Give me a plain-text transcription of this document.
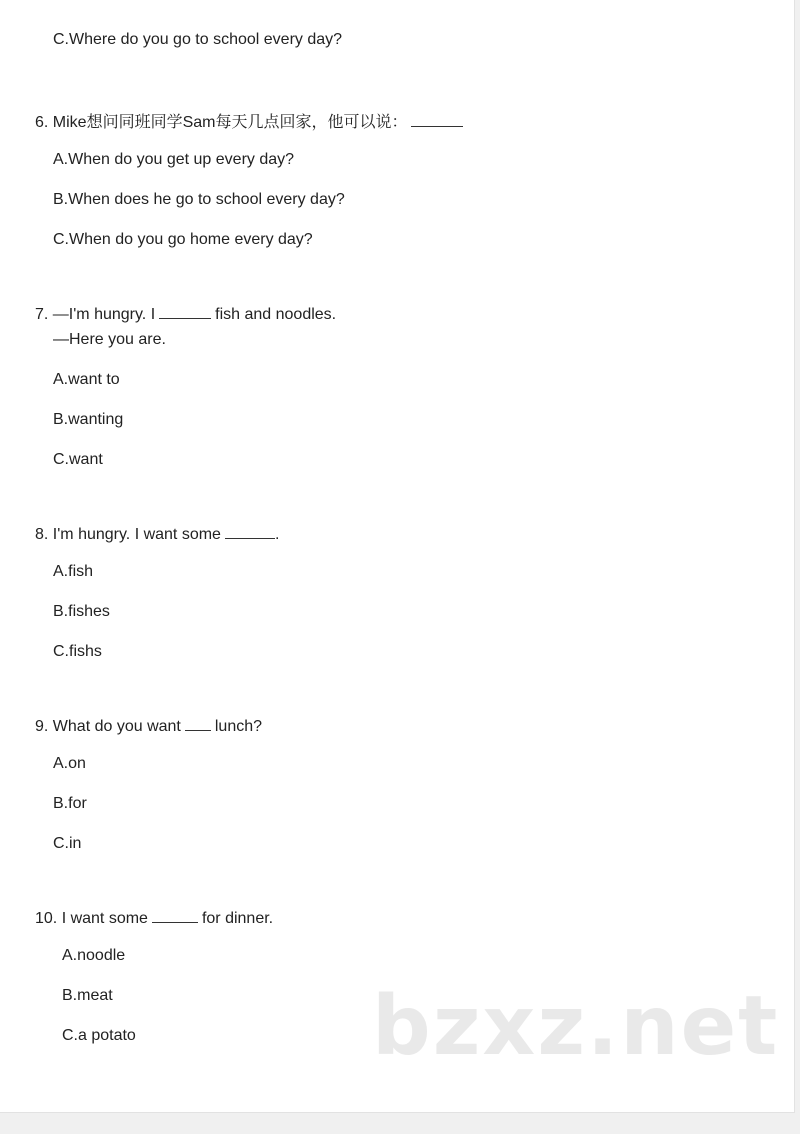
C.Where do you go to school every day?
6. Mike想问同班同学Sam每天几点回家，他可以说：
A.When do you get up every day?
B.When does he go to school every day?
C.When do you go home every day?
7. —I'm hungry. I	fish and noodles.
—Here you are.
A.want to
B.wanting
C.want
8. I'm hungry. I want some	.
A.fish
B.fishes
C.fishs
9. What do you want lunch?
A.on
B.for
C.in
10. I want some	for dinner.
A.noodle
B.meat
C.a potato	bzxz.net
